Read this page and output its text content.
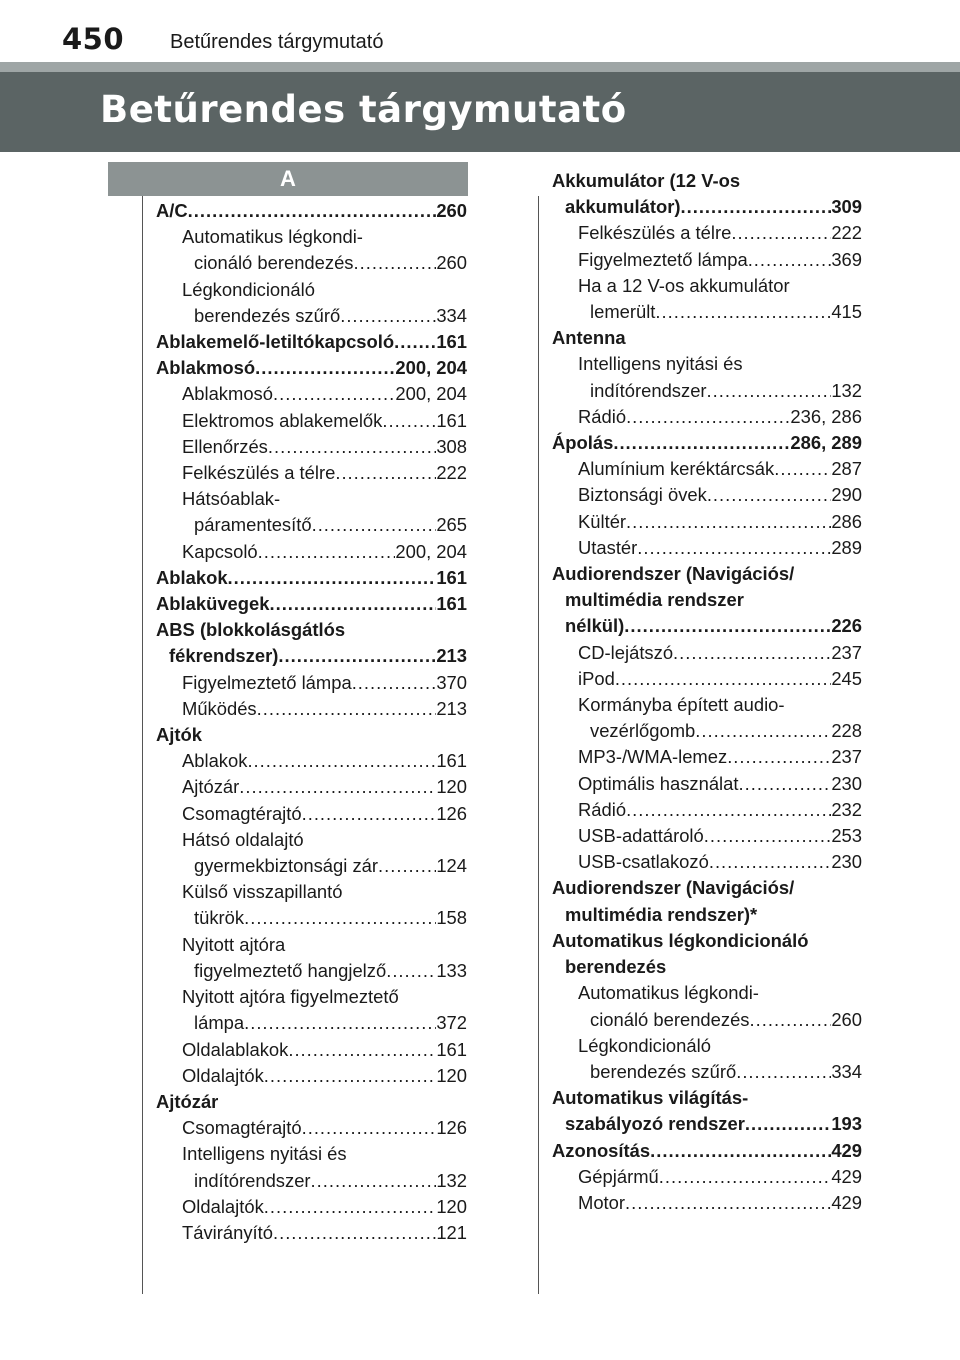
450 Betűrendes tárgymutató
Betűrendes tárgymutató
A
A/C .....	260
Automatikus légkondi-
cionáló berendezés .....	260
Légkondicionáló
berendezés szűrő .....	334
Ablakemelő-letiltókapcsoló ..... 161
Ablakmosó .....	200, 204
Ablakmosó .....	200, 204
Elektromos ablakemelők .....	161
Ellenőrzés .....	308
Felkészülés a télre .....	222
Hátsóablak-
páramentesítő .....	265
Kapcsoló .....	200, 204
Ablakok .....	161
Ablaküvegek .....	161
ABS (blokkolásgátlós
fékrendszer) .....	213
Figyelmeztető lámpa .....	370
Működés .....	213
Ajtók
Ablakok .....	161
Ajtózár .....	120
Csomagtérajtó .....	126
Hátsó oldalajtó
gyermekbiztonsági zár .....	124
Külső visszapillantó
tükrök .....	158
Nyitott ajtóra
figyelmeztető hangjelző .....	133
Nyitott ajtóra figyelmeztető
lámpa .....	372
Oldalablakok .....	161
Oldalajtók .....	120
Ajtózár
Csomagtérajtó .....	126
Intelligens nyitási és
indítórendszer .....	132
Oldalajtók .....	120
Távirányító .....	121
Akkumulátor (12 V-os
akkumulátor) .....	309
Felkészülés a télre .....	222
Figyelmeztető lámpa .....	369
Ha a 12 V-os akkumulátor
lemerült .....	415
Antenna
Intelligens nyitási és
indítórendszer .....	132
Rádió .....	236, 286
Ápolás .....	286, 289
Alumínium keréktárcsák .....	287
Biztonsági övek .....	290
Kültér .....	286
Utastér .....	289
Audiorendszer (Navigációs/
multimédia rendszer
nélkül) .....	226
CD-lejátszó .....	237
iPod .....	245
Kormányba épített audio-
vezérlőgomb .....	228
MP3-/WMA-lemez .....	237
Optimális használat .....	230
Rádió .....	232
USB-adattároló .....	253
USB-csatlakozó .....	230
Audiorendszer (Navigációs/
multimédia rendszer)*
Automatikus légkondicionáló
berendezés
Automatikus légkondi-
cionáló berendezés .....	260
Légkondicionáló
berendezés szűrő .....	334
Automatikus világítás-
szabályozó rendszer .....	193
Azonosítás .....	429
Gépjármű .....	429
Motor .....	429
